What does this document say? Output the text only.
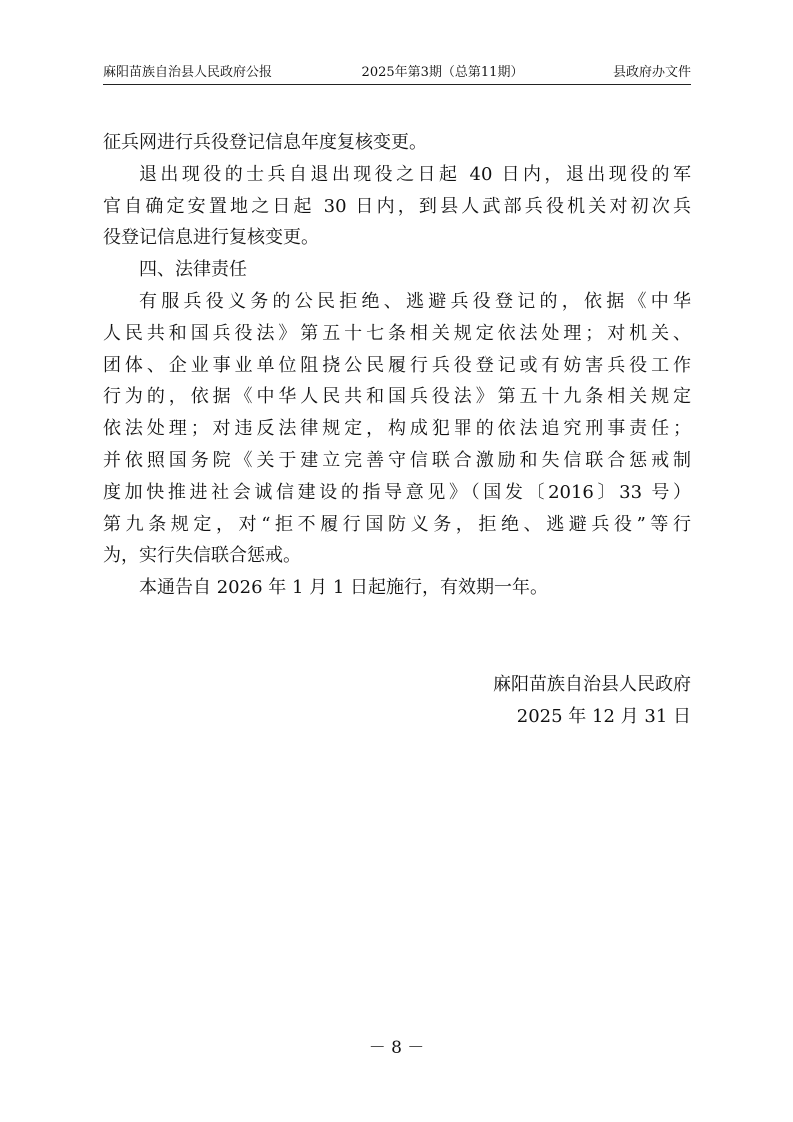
麻阳苗族自治县人民政府公报	2025年第3期（总第11期）	县政府办文件
征兵网进行兵役登记信息年度复核变更。
退出现役的士兵自退出现役之日起 40 日内，退出现役的军
官自确定安置地之日起 30 日内，到县人武部兵役机关对初次兵
役登记信息进行复核变更。
四、法律责任
有服兵役义务的公民拒绝、逃避兵役登记的，依据《中华
人民共和国兵役法》第五十七条相关规定依法处理；对机关、
团体、企业事业单位阻挠公民履行兵役登记或有妨害兵役工作
行为的，依据《中华人民共和国兵役法》第五十九条相关规定
依法处理；对违反法律规定，构成犯罪的依法追究刑事责任；
并依照国务院《关于建立完善守信联合激励和失信联合惩戒制
度加快推进社会诚信建设的指导意见》（国发〔2016〕33 号）
第九条规定，对“拒不履行国防义务，拒绝、逃避兵役”等行
为，实行失信联合惩戒。
本通告自 2026 年 1 月 1 日起施行，有效期一年。
麻阳苗族自治县人民政府
2025 年 12 月 31 日
－ 8 －
